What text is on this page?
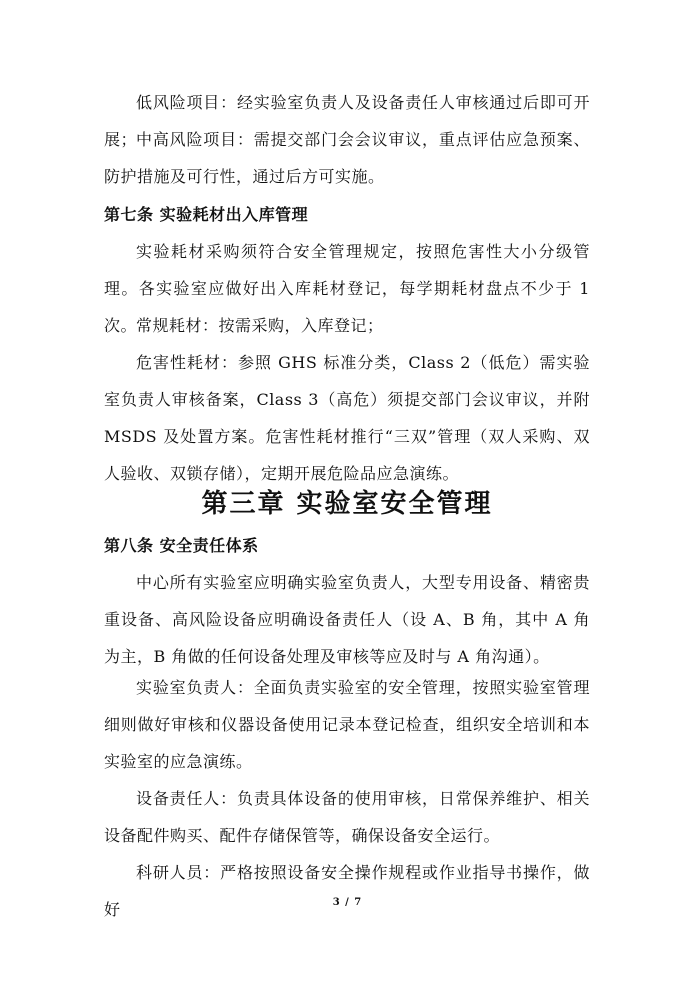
低风险项目：经实验室负责人及设备责任人审核通过后即可开展；

中高风险项目：需提交部门会会议审议，重点评估应急预案、防护措施及可行性，通过后方可实施。

第七条 实验耗材出入库管理

实验耗材采购须符合安全管理规定，按照危害性大小分级管理。各实验室应做好出入库耗材登记，每学期耗材盘点不少于 1 次。

常规耗材：按需采购，入库登记；

危害性耗材：参照 GHS 标准分类，Class 2（低危）需实验室负责人审核备案，Class 3（高危）须提交部门会议审议，并附 MSDS 及处置方案。危害性耗材推行“三双”管理（双人采购、双人验收、双锁存储），定期开展危险品应急演练。

第三章 实验室安全管理

第八条 安全责任体系

中心所有实验室应明确实验室负责人，大型专用设备、精密贵重设备、高风险设备应明确设备责任人（设 A、B 角，其中 A 角为主，B 角做的任何设备处理及审核等应及时与 A 角沟通）。

实验室负责人：全面负责实验室的安全管理，按照实验室管理细则做好审核和仪器设备使用记录本登记检查，组织安全培训和本实验室的应急演练。

设备责任人：负责具体设备的使用审核，日常保养维护、相关设备配件购买、配件存储保管等，确保设备安全运行。

科研人员：严格按照设备安全操作规程或作业指导书操作，做好	3 / 7
